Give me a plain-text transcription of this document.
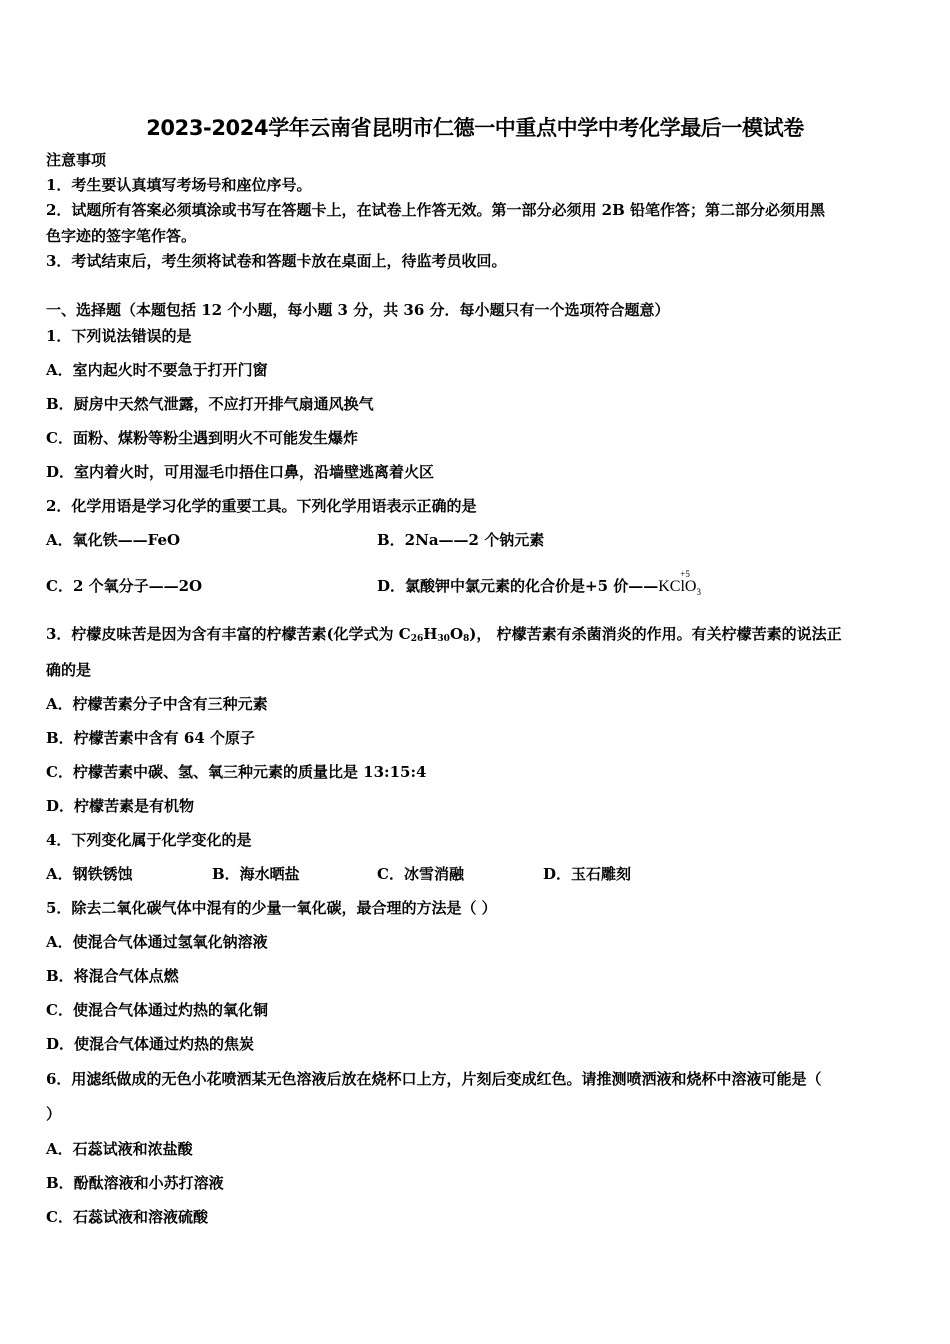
2023-2024学年云南省昆明市仁德一中重点中学中考化学最后一模试卷
注意事项
1．考生要认真填写考场号和座位序号。
2．试题所有答案必须填涂或书写在答题卡上，在试卷上作答无效。第一部分必须用 2B 铅笔作答；第二部分必须用黑
色字迹的签字笔作答。
3．考试结束后，考生须将试卷和答题卡放在桌面上，待监考员收回。
一、选择题（本题包括 12 个小题，每小题 3 分，共 36 分．每小题只有一个选项符合题意）
1．下列说法错误的是
A．室内起火时不要急于打开门窗
B．厨房中天然气泄露，不应打开排气扇通风换气
C．面粉、煤粉等粉尘遇到明火不可能发生爆炸
D．室内着火时，可用湿毛巾捂住口鼻，沿墙壁逃离着火区
2．化学用语是学习化学的重要工具。下列化学用语表示正确的是
A．氧化铁——FeO	B．2Na——2 个钠元素
C．2 个氧分子——2O	D．氯酸钾中氯元素的化合价是+5 价——
+5
KClO$_3$
3．柠檬皮味苦是因为含有丰富的柠檬苦素(化学式为 $C_{26}H_{30}O_8$)， 柠檬苦素有杀菌消炎的作用。有关柠檬苦素的说法正
确的是
A．柠檬苦素分子中含有三种元素
B．柠檬苦素中含有 64 个原子
C．柠檬苦素中碳、氢、氧三种元素的质量比是 13:15:4
D．柠檬苦素是有机物
4．下列变化属于化学变化的是
A．钢铁锈蚀	B．海水晒盐	C．冰雪消融	D．玉石雕刻
5．除去二氧化碳气体中混有的少量一氧化碳，最合理的方法是（ ）
A．使混合气体通过氢氧化钠溶液
B．将混合气体点燃
C．使混合气体通过灼热的氧化铜
D．使混合气体通过灼热的焦炭
6．用滤纸做成的无色小花喷洒某无色溶液后放在烧杯口上方，片刻后变成红色。请推测喷洒液和烧杯中溶液可能是（
）
A．石蕊试液和浓盐酸
B．酚酞溶液和小苏打溶液
C．石蕊试液和溶液硫酸
